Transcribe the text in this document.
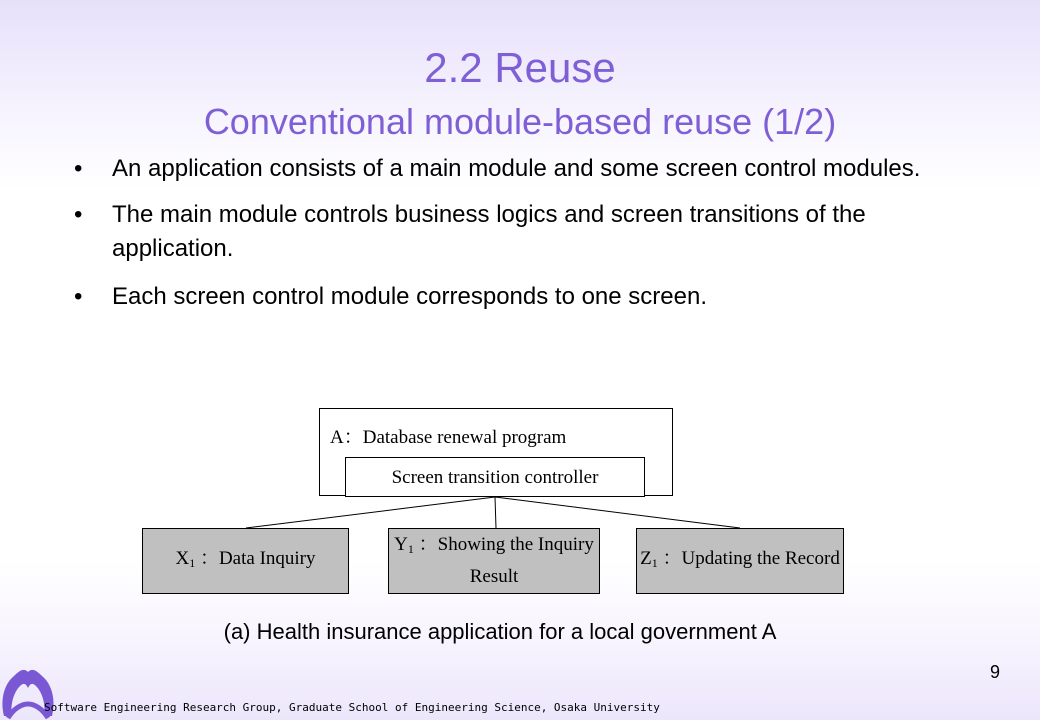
2.2 Reuse
Conventional module-based reuse (1/2)
• An application consists of a main module and some screen control modules.
• The main module controls business logics and screen transitions of the application.
• Each screen control module corresponds to one screen.
A：Database renewal program
Screen transition controller
$X_1$ ：Data Inquiry
$Y_1$ ：Showing the Inquiry Result
$Z_1$ ：Updating the Record
(a) Health insurance application for a local government A
9
Software Engineering Research Group, Graduate School of Engineering Science, Osaka University
